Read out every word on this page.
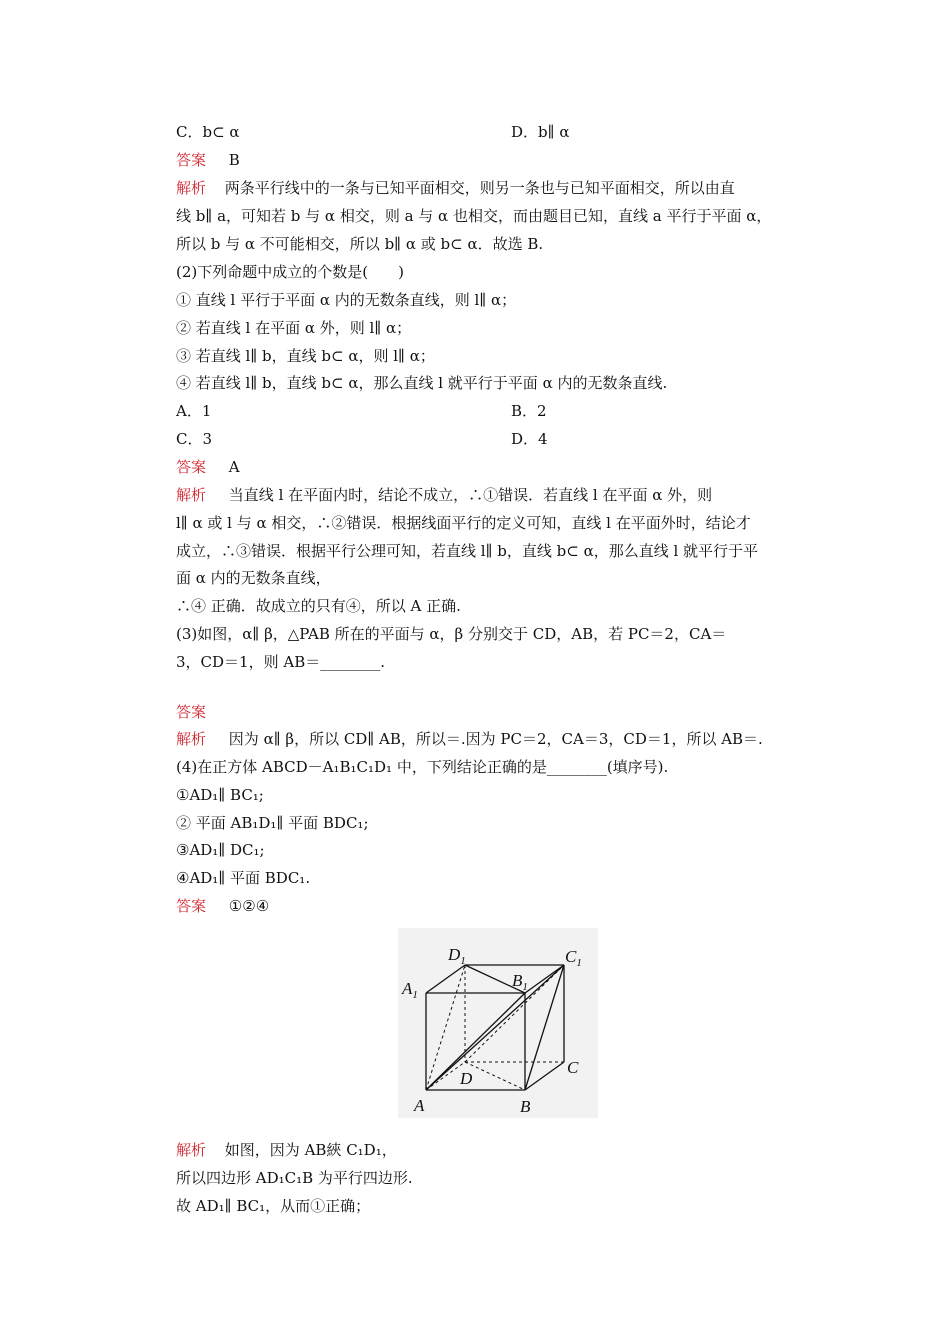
C．b⊂ α	D．b∥ α
答案 B
解析 两条平行线中的一条与已知平面相交，则另一条也与已知平面相交，所以由直
线 b∥ a，可知若 b 与 α 相交，则 a 与 α 也相交，而由题目已知，直线 a 平行于平面 α，
所以 b 与 α 不可能相交，所以 b∥ α 或 b⊂ α．故选 B.
(2)下列命题中成立的个数是(　　)
① 直线 l 平行于平面 α 内的无数条直线，则 l∥ α；
② 若直线 l 在平面 α 外，则 l∥ α；
③ 若直线 l∥ b，直线 b⊂ α，则 l∥ α；
④ 若直线 l∥ b，直线 b⊂ α，那么直线 l 就平行于平面 α 内的无数条直线.
A．1	B．2
C．3	D．4
答案 A
解析 当直线 l 在平面内时，结论不成立，∴①错误．若直线 l 在平面 α 外，则
l∥ α 或 l 与 α 相交，∴②错误．根据线面平行的定义可知，直线 l 在平面外时，结论才
成立，∴③错误．根据平行公理可知，若直线 l∥ b，直线 b⊂ α，那么直线 l 就平行于平
面 α 内的无数条直线，
∴④ 正确．故成立的只有④，所以 A 正确.
(3)如图，α∥ β，△PAB 所在的平面与 α，β 分别交于 CD，AB，若 PC＝2，CA＝
3，CD＝1，则 AB＝________.
答案
解析 因为 α∥ β，所以 CD∥ AB，所以＝.因为 PC＝2，CA＝3，CD＝1，所以 AB＝.
(4)在正方体 ABCD－A₁B₁C₁D₁ 中，下列结论正确的是________(填序号).
①AD₁∥ BC₁;
② 平面 AB₁D₁∥ 平面 BDC₁;
③AD₁∥ DC₁;
④AD₁∥ 平面 BDC₁.
答案 ①②④
$D_1$
$B_1$
$C_1$
$A_1$
D
C
A	B
解析 如图，因为 AB綊 C₁D₁，
所以四边形 AD₁C₁B 为平行四边形.
故 AD₁∥ BC₁，从而①正确；
